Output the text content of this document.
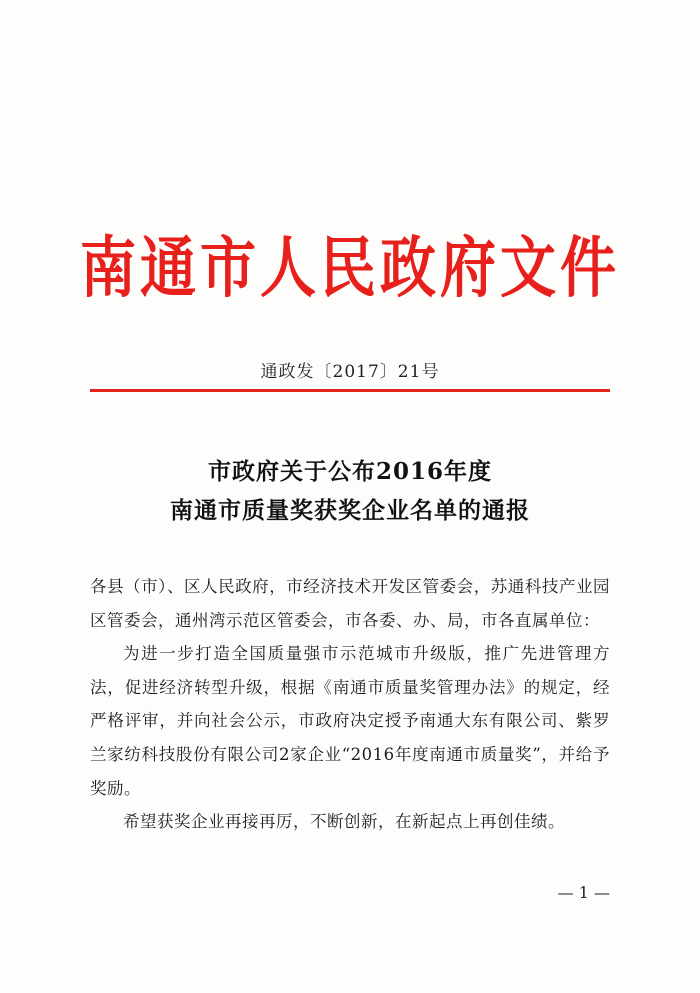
南通市人民政府文件
通政发〔2017〕21号
市政府关于公布2016年度
南通市质量奖获奖企业名单的通报

各县（市）、区人民政府，市经济技术开发区管委会，苏通科技产业园区管委会，通州湾示范区管委会，市各委、办、局，市各直属单位：

为进一步打造全国质量强市示范城市升级版，推广先进管理方法，促进经济转型升级，根据《南通市质量奖管理办法》的规定，经严格评审，并向社会公示，市政府决定授予南通大东有限公司、紫罗兰家纺科技股份有限公司2家企业“2016年度南通市质量奖”，并给予奖励。

希望获奖企业再接再厉，不断创新，在新起点上再创佳绩。

— 1 —
